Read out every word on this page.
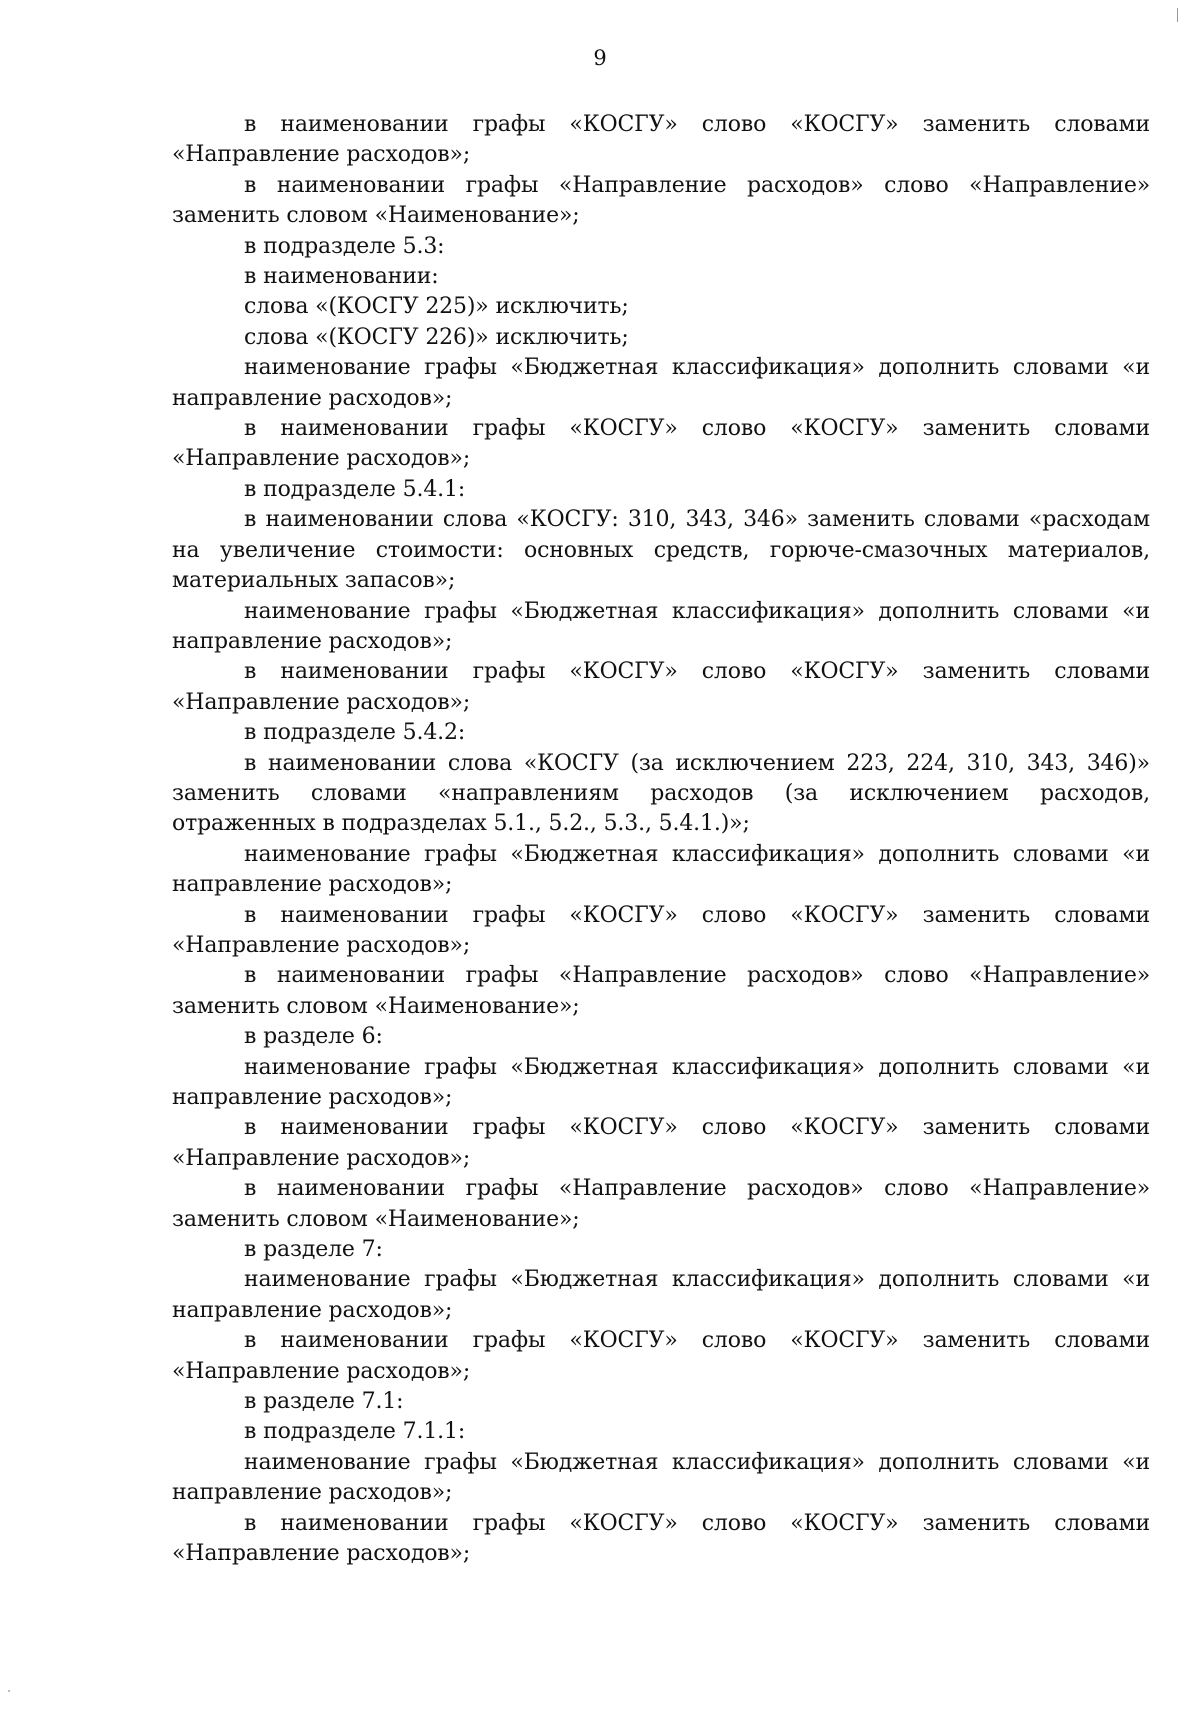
9

в наименовании графы «КОСГУ» слово «КОСГУ» заменить словами «Направление расходов»;

в наименовании графы «Направление расходов» слово «Направление» заменить словом «Наименование»;

в подразделе 5.3:

в наименовании:

слова «(КОСГУ 225)» исключить;

слова «(КОСГУ 226)» исключить;

наименование графы «Бюджетная классификация» дополнить словами «и направление расходов»;

в наименовании графы «КОСГУ» слово «КОСГУ» заменить словами «Направление расходов»;

в подразделе 5.4.1:

в наименовании слова «КОСГУ: 310, 343, 346» заменить словами «расходам на увеличение стоимости: основных средств, горюче-смазочных материалов, материальных запасов»;

наименование графы «Бюджетная классификация» дополнить словами «и направление расходов»;

в наименовании графы «КОСГУ» слово «КОСГУ» заменить словами «Направление расходов»;

в подразделе 5.4.2:

в наименовании слова «КОСГУ (за исключением 223, 224, 310, 343, 346)» заменить словами «направлениям расходов (за исключением расходов, отраженных в подразделах 5.1., 5.2., 5.3., 5.4.1.)»;

наименование графы «Бюджетная классификация» дополнить словами «и направление расходов»;

в наименовании графы «КОСГУ» слово «КОСГУ» заменить словами «Направление расходов»;

в наименовании графы «Направление расходов» слово «Направление» заменить словом «Наименование»;

в разделе 6:

наименование графы «Бюджетная классификация» дополнить словами «и направление расходов»;

в наименовании графы «КОСГУ» слово «КОСГУ» заменить словами «Направление расходов»;

в наименовании графы «Направление расходов» слово «Направление» заменить словом «Наименование»;

в разделе 7:

наименование графы «Бюджетная классификация» дополнить словами «и направление расходов»;

в наименовании графы «КОСГУ» слово «КОСГУ» заменить словами «Направление расходов»;

в разделе 7.1:

в подразделе 7.1.1:

наименование графы «Бюджетная классификация» дополнить словами «и направление расходов»;

в наименовании графы «КОСГУ» слово «КОСГУ» заменить словами «Направление расходов»;
